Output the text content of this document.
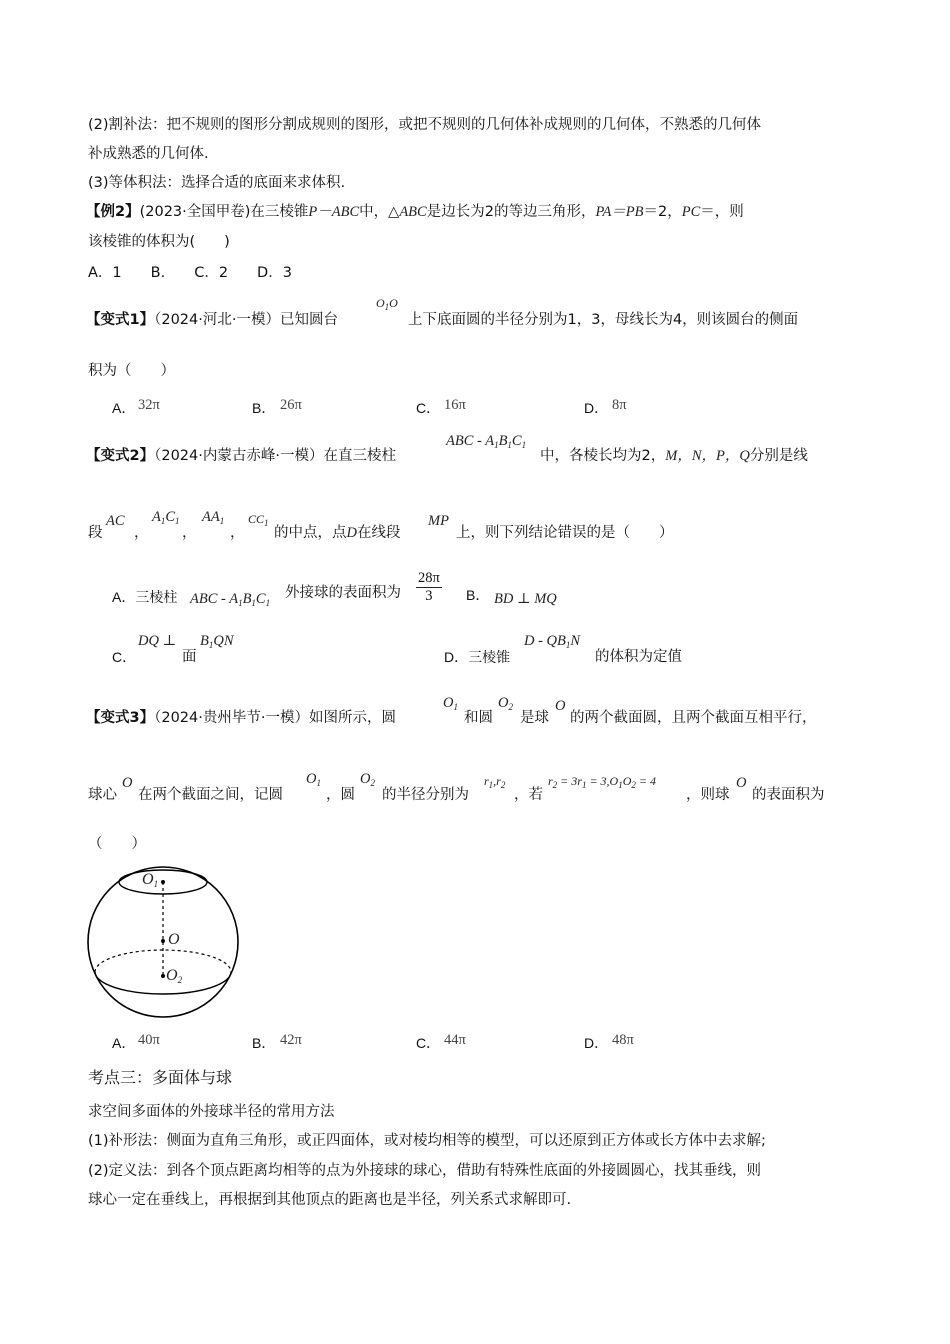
(2)割补法：把不规则的图形分割成规则的图形，或把不规则的几何体补成规则的几何体，不熟悉的几何体
补成熟悉的几何体.
(3)等体积法：选择合适的底面来求体积.
【例2】(2023·全国甲卷)在三棱锥P－ABC中，△ABC是边长为2的等边三角形，PA＝PB＝2，PC＝，则
该棱锥的体积为(　　)
A．1　　B.　　C．2　　D．3
【变式1】（2024·河北·一模）已知圆台
$O_1O$
上下底面圆的半径分别为1，3，母线长为4，则该圆台的侧面
积为（　　）
A． 32π	B． 26π	C． 16π	D． 8π
【变式2】（2024·内蒙古赤峰·一模）在直三棱柱
ABC - $A_1B_1C_1$
中，各棱长均为2，M，N，P，Q分别是线
段
AC
，
$A_1C_1$
，
$AA_1$
，
$CC_1$
的中点，点D在线段
MP
上，则下列结论错误的是（　　）
A．三棱柱 ABC - $A_1B_1C_1$
外接球的表面积为 $\frac{28\pi}{3}$ B． BD ⊥ MQ
C．
DQ ⊥
面
$B_1QN$
D．三棱锥
D - $QB_1N$
的体积为定值
【变式3】（2024·贵州毕节·一模）如图所示，圆
$O_1$
和圆
$O_2$
是球
O
的两个截面圆，且两个截面互相平行，
球心
O
在两个截面之间，记圆
$O_1$
，圆
$O_2$
的半径分别为
$r_1,r_2$
，若
$r_2 = 3r_1 = 3,O_1O_2 = 4$
，则球
O
的表面积为
（　　）
$O_1$
O
$O_2$
A． 40π	B． 42π	C． 44π	D． 48π
考点三：多面体与球
求空间多面体的外接球半径的常用方法
(1)补形法：侧面为直角三角形，或正四面体，或对棱均相等的模型，可以还原到正方体或长方体中去求解;
(2)定义法：到各个顶点距离均相等的点为外接球的球心，借助有特殊性底面的外接圆圆心，找其垂线，则
球心一定在垂线上，再根据到其他顶点的距离也是半径，列关系式求解即可.
